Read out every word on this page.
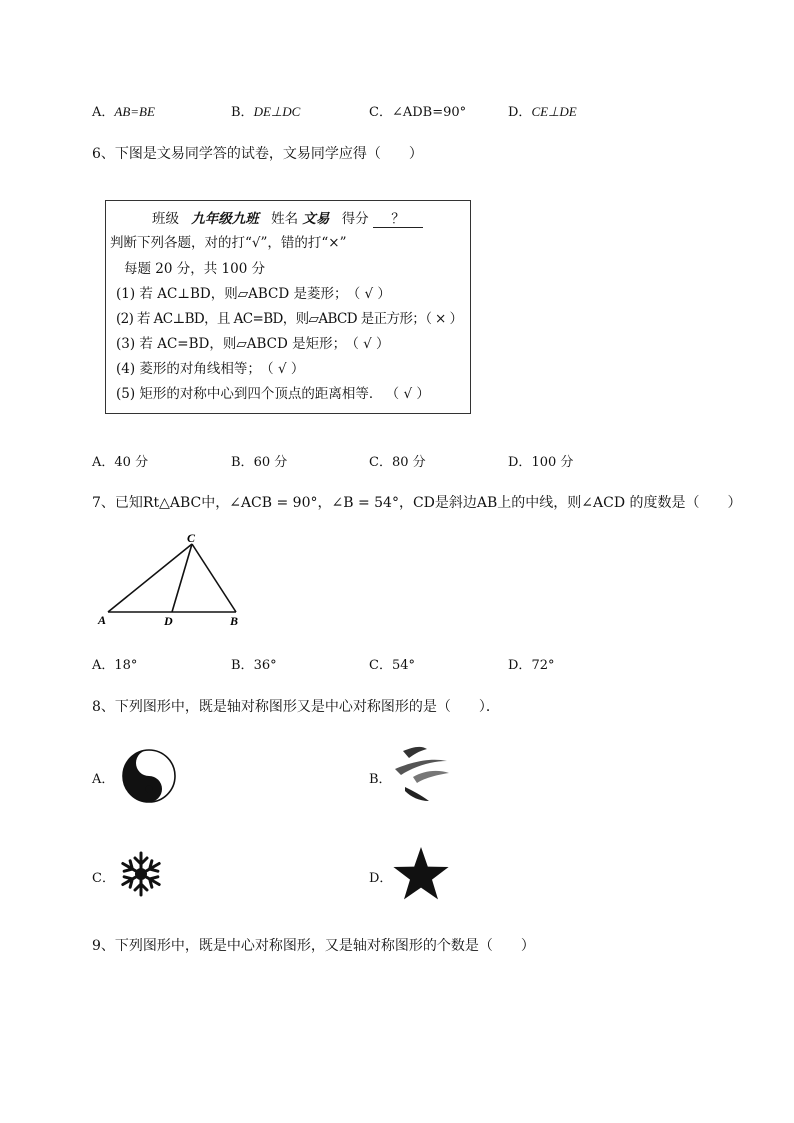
A．AB=BE	B．DE⊥DC	C．∠ADB=90°	D．CE⊥DE
6、下图是文易同学答的试卷，文易同学应得（　　）
班级 九年级九班 姓名 文易 得分 ？
判断下列各题，对的打“√”，错的打“×”
每题 20 分，共 100 分
(1) 若 AC⊥BD，则▱ABCD 是菱形； （ √ ）
(2) 若 AC⊥BD，且 AC=BD，则▱ABCD 是正方形；（ × ）
(3) 若 AC=BD，则▱ABCD 是矩形； （ √ ）
(4) 菱形的对角线相等； （ √ ）
(5) 矩形的对称中心到四个顶点的距离相等． （ √ ）
A．40 分	B．60 分	C．80 分	D．100 分
7、已知Rt△ABC中，∠ACB = 90°，∠B = 54°，CD是斜边AB上的中线，则∠ACD 的度数是（　　）
A	D	B
C
A．18°	B．36°	C．54°	D．72°
8、下列图形中，既是轴对称图形又是中心对称图形的是（　　）．
A．	B．
C．	D．
9、下列图形中，既是中心对称图形，又是轴对称图形的个数是（　　）
